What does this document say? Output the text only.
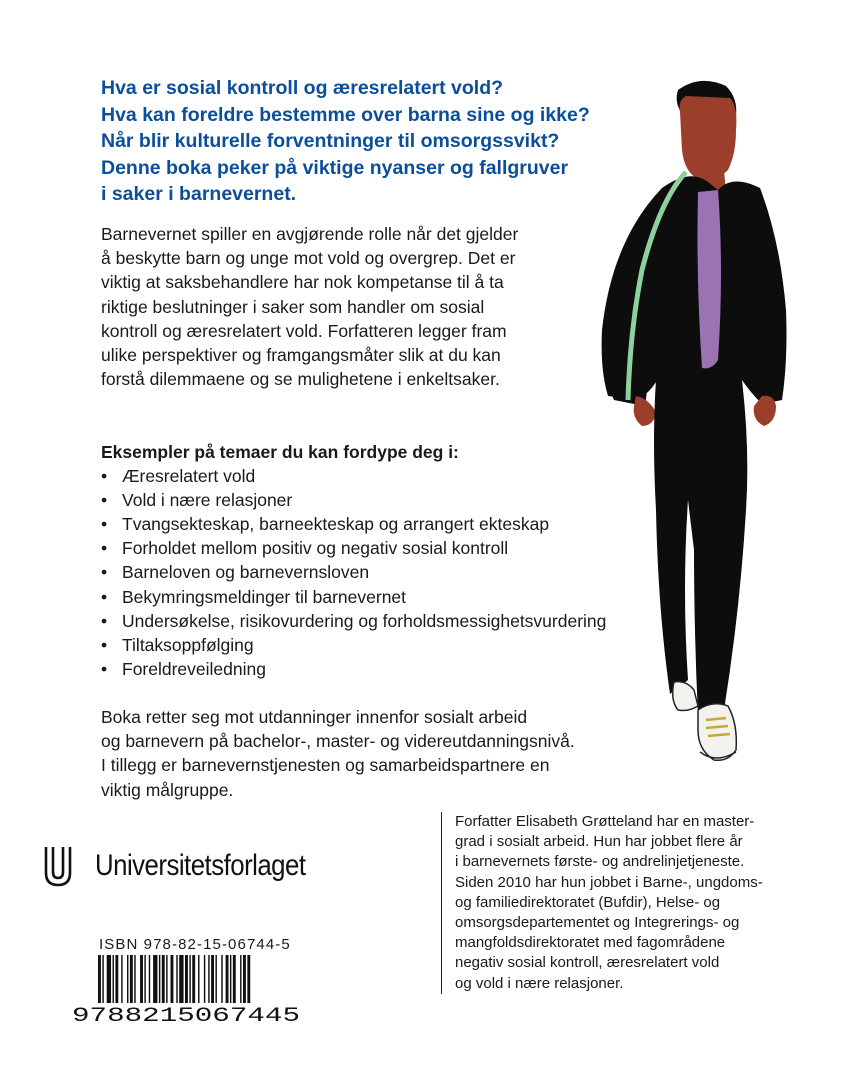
Hva er sosial kontroll og æresrelatert vold?
Hva kan foreldre bestemme over barna sine og ikke?
Når blir kulturelle forventninger til omsorgssvikt?
Denne boka peker på viktige nyanser og fallgruver
i saker i barnevernet.
Barnevernet spiller en avgjørende rolle når det gjelder
å beskytte barn og unge mot vold og overgrep. Det er
viktig at saksbehandlere har nok kompetanse til å ta
riktige beslutninger i saker som handler om sosial
kontroll og æresrelatert vold. Forfatteren legger fram
ulike perspektiver og framgangsmåter slik at du kan
forstå dilemmaene og se mulighetene i enkeltsaker.
Eksempler på temaer du kan fordype deg i:
• Æresrelatert vold
• Vold i nære relasjoner
• Tvangsekteskap, barneekteskap og arrangert ekteskap
• Forholdet mellom positiv og negativ sosial kontroll
• Barneloven og barnevernsloven
• Bekymringsmeldinger til barnevernet
• Undersøkelse, risikovurdering og forholdsmessighetsvurdering
• Tiltaksoppfølging
• Foreldreveiledning
Boka retter seg mot utdanninger innenfor sosialt arbeid
og barnevern på bachelor-, master- og videreutdanningsnivå.
I tillegg er barnevernstjenesten og samarbeidspartnere en
viktig målgruppe.
Forfatter Elisabeth Grøtteland har en master-
grad i sosialt arbeid. Hun har jobbet flere år
i barnevernets første- og andrelinjetjeneste.
Siden 2010 har hun jobbet i Barne-, ungdoms-
og familiedirektoratet (Bufdir), Helse- og
omsorgsdepartementet og Integrerings- og
mangfoldsdirektoratet med fagområdene
negativ sosial kontroll, æresrelatert vold
og vold i nære relasjoner.
Universitetsforlaget
ISBN 978-82-15-06744-5
9788215067445
